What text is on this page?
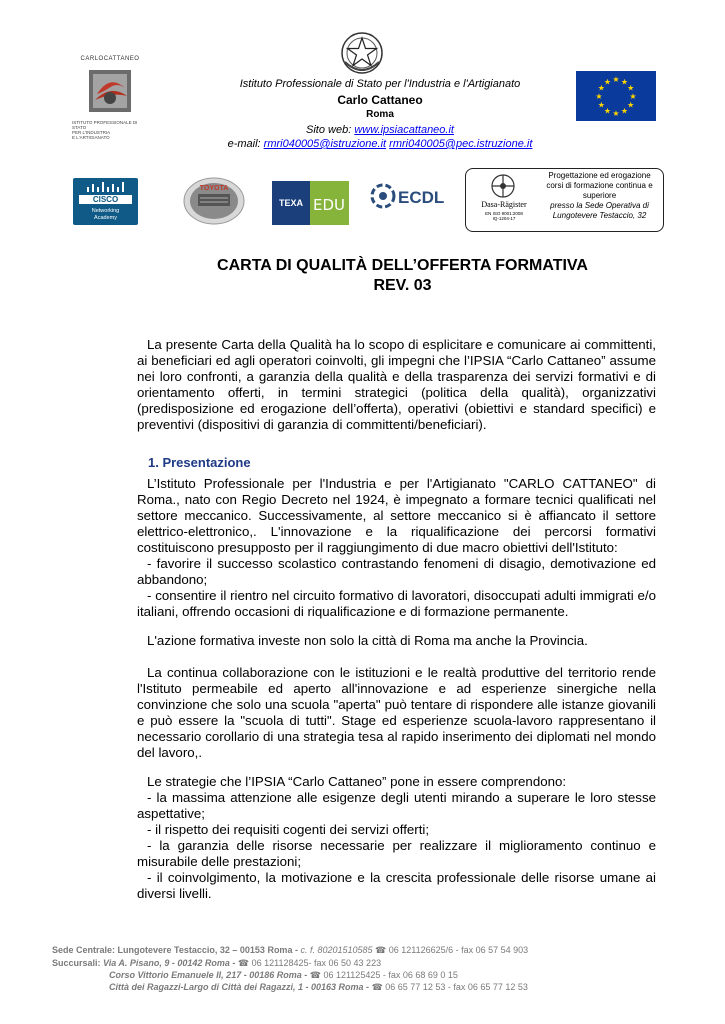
CARLOCATTANEO
ISTITUTO PROFESSIONALE DI STATO
PER L'INDUSTRIA
E L'ARTIGIANATO
Istituto Professionale di Stato per l'Industria e l'Artigianato
Carlo Cattaneo
Roma
Sito web: www.ipsiacattaneo.it
e-mail: rmri040005@istruzione.it rmri040005@pec.istruzione.it
★ ★
★
★
★
★
★
★
★
★
★
★
CISCO
Networking
Academy
TOYOTA
TEXA EDU	ECDL	Dasa-Rägister
EN ISO 9001:2008
IQ-1204-17
Progettazione ed erogazione
corsi di formazione continua e
superiore
presso la Sede Operativa di
Lungotevere Testaccio, 32
CARTA DI QUALITÀ DELL’OFFERTA FORMATIVA
REV. 03

La presente Carta della Qualità ha lo scopo di esplicitare e comunicare ai committenti, ai beneficiari ed agli operatori coinvolti, gli impegni che l’IPSIA “Carlo Cattaneo” assume nei loro confronti, a garanzia della qualità e della trasparenza dei servizi formativi e di orientamento offerti, in termini strategici (politica della qualità), organizzativi (predisposizione ed erogazione dell’offerta), operativi (obiettivi e standard specifici) e preventivi (dispositivi di garanzia di committenti/beneficiari).

1. Presentazione

L’Istituto Professionale per l'Industria e per l'Artigianato "CARLO CATTANEO" di Roma., nato con Regio Decreto nel 1924, è impegnato a formare tecnici qualificati nel settore meccanico. Successivamente, al settore meccanico si è affiancato il settore elettrico-elettronico,. L'innovazione e la riqualificazione dei percorsi formativi costituiscono presupposto per il raggiungimento di due macro obiettivi dell'Istituto:

- favorire il successo scolastico contrastando fenomeni di disagio, demotivazione ed abbandono;

- consentire il rientro nel circuito formativo di lavoratori, disoccupati adulti immigrati e/o italiani, offrendo occasioni di riqualificazione e di formazione permanente.

L'azione formativa investe non solo la città di Roma ma anche la Provincia.

La continua collaborazione con le istituzioni e le realtà produttive del territorio rende l'Istituto permeabile ed aperto all'innovazione e ad esperienze sinergiche nella convinzione che solo una scuola "aperta" può tentare di rispondere alle istanze giovanili e può essere la "scuola di tutti". Stage ed esperienze scuola-lavoro rappresentano il necessario corollario di una strategia tesa al rapido inserimento dei diplomati nel mondo del lavoro,.

Le strategie che l’IPSIA “Carlo Cattaneo” pone in essere comprendono:

- la massima attenzione alle esigenze degli utenti mirando a superare le loro stesse aspettative;

- il rispetto dei requisiti cogenti dei servizi offerti;

- la garanzia delle risorse necessarie per realizzare il miglioramento continuo e misurabile delle prestazioni;

- il coinvolgimento, la motivazione e la crescita professionale delle risorse umane ai diversi livelli.

Sede Centrale: Lungotevere Testaccio, 32 – 00153 Roma - c. f. 80201510585 ☎ 06 121126625/6 - fax 06 57 54 903
Succursali: Via A. Pisano, 9 - 00142 Roma - ☎ 06 121128425- fax 06 50 43 223
Corso Vittorio Emanuele II, 217 - 00186 Roma - ☎ 06 121125425 - fax 06 68 69 0 15
Città dei Ragazzi-Largo di Città dei Ragazzi, 1 - 00163 Roma - ☎ 06 65 77 12 53 - fax 06 65 77 12 53
